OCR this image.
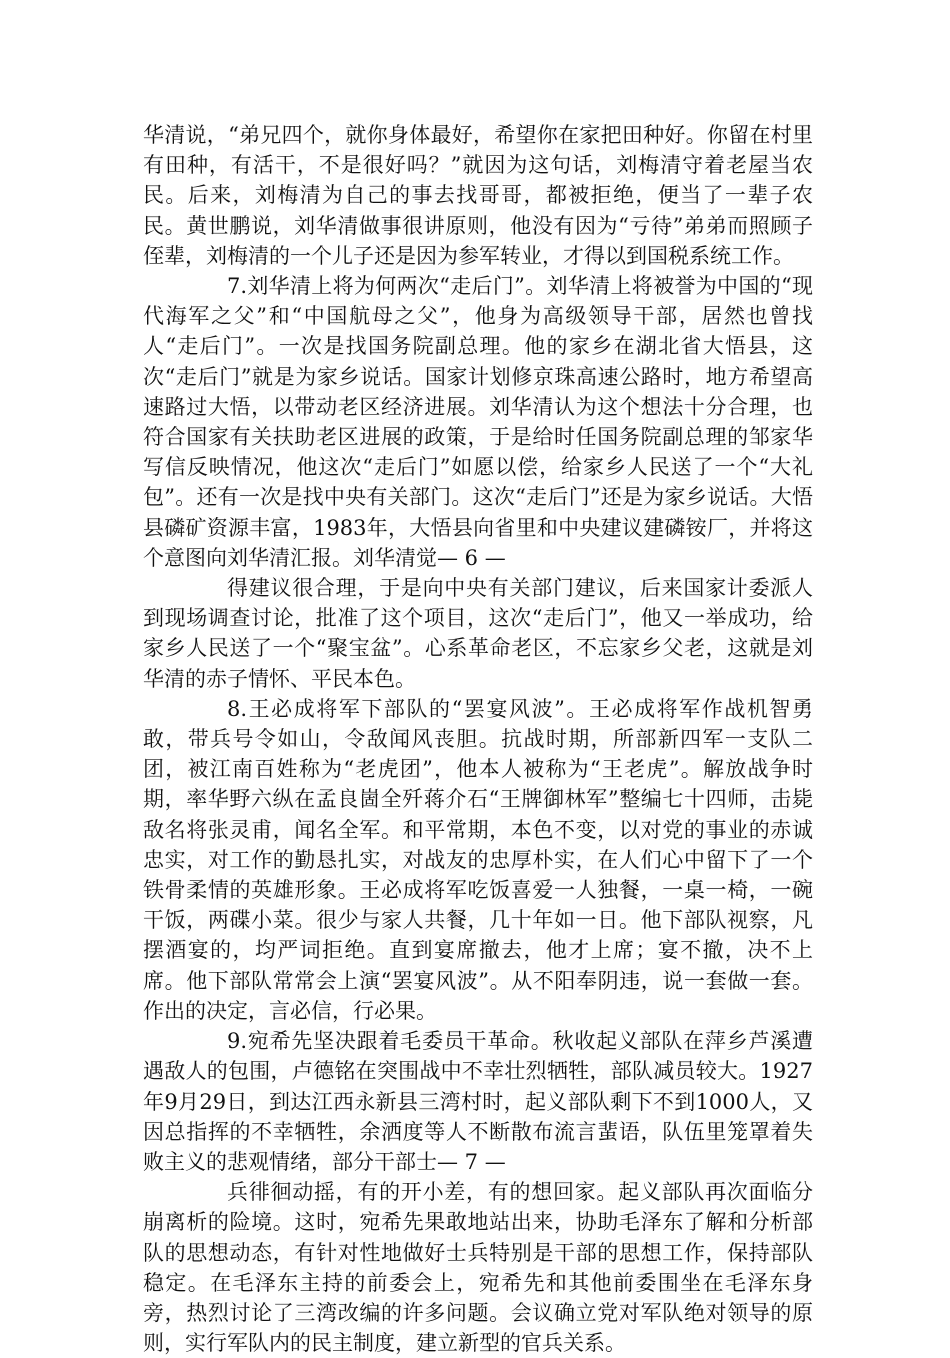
华清说，“弟兄四个，就你身体最好，希望你在家把田种好。你留在村里有田种，有活干，不是很好吗？”就因为这句话，刘梅清守着老屋当农民。后来，刘梅清为自己的事去找哥哥，都被拒绝，便当了一辈子农民。黄世鹏说，刘华清做事很讲原则，他没有因为“亏待”弟弟而照顾子侄辈，刘梅清的一个儿子还是因为参军转业，才得以到国税系统工作。

7.刘华清上将为何两次“走后门”。刘华清上将被誉为中国的“现代海军之父”和“中国航母之父”，他身为高级领导干部，居然也曾找人“走后门”。一次是找国务院副总理。他的家乡在湖北省大悟县，这次“走后门”就是为家乡说话。国家计划修京珠高速公路时，地方希望高速路过大悟，以带动老区经济进展。刘华清认为这个想法十分合理，也符合国家有关扶助老区进展的政策，于是给时任国务院副总理的邹家华写信反映情况，他这次“走后门”如愿以偿，给家乡人民送了一个“大礼包”。还有一次是找中央有关部门。这次“走后门”还是为家乡说话。大悟县磷矿资源丰富，1983年，大悟县向省里和中央建议建磷铵厂，并将这个意图向刘华清汇报。刘华清觉— 6 —

得建议很合理，于是向中央有关部门建议，后来国家计委派人到现场调查讨论，批准了这个项目，这次“走后门”，他又一举成功，给家乡人民送了一个“聚宝盆”。心系革命老区，不忘家乡父老，这就是刘华清的赤子情怀、平民本色。

8.王必成将军下部队的“罢宴风波”。王必成将军作战机智勇敢，带兵号令如山，令敌闻风丧胆。抗战时期，所部新四军一支队二团，被江南百姓称为“老虎团”，他本人被称为“王老虎”。解放战争时期，率华野六纵在孟良崮全歼蒋介石“王牌御林军”整编七十四师，击毙敌名将张灵甫，闻名全军。和平常期，本色不变，以对党的事业的赤诚忠实，对工作的勤恳扎实，对战友的忠厚朴实，在人们心中留下了一个铁骨柔情的英雄形象。王必成将军吃饭喜爱一人独餐，一桌一椅，一碗干饭，两碟小菜。很少与家人共餐，几十年如一日。他下部队视察，凡摆酒宴的，均严词拒绝。直到宴席撤去，他才上席；宴不撤，决不上席。他下部队常常会上演“罢宴风波”。从不阳奉阴违，说一套做一套。作出的决定，言必信，行必果。

9.宛希先坚决跟着毛委员干革命。秋收起义部队在萍乡芦溪遭遇敌人的包围，卢德铭在突围战中不幸壮烈牺牲，部队减员较大。1927年9月29日，到达江西永新县三湾村时，起义部队剩下不到1000人，又因总指挥的不幸牺牲，余洒度等人不断散布流言蜚语，队伍里笼罩着失败主义的悲观情绪，部分干部士— 7 —

兵徘徊动摇，有的开小差，有的想回家。起义部队再次面临分崩离析的险境。这时，宛希先果敢地站出来，协助毛泽东了解和分析部队的思想动态，有针对性地做好士兵特别是干部的思想工作，保持部队稳定。在毛泽东主持的前委会上，宛希先和其他前委围坐在毛泽东身旁，热烈讨论了三湾改编的许多问题。会议确立党对军队绝对领导的原则，实行军队内的民主制度，建立新型的官兵关系。
